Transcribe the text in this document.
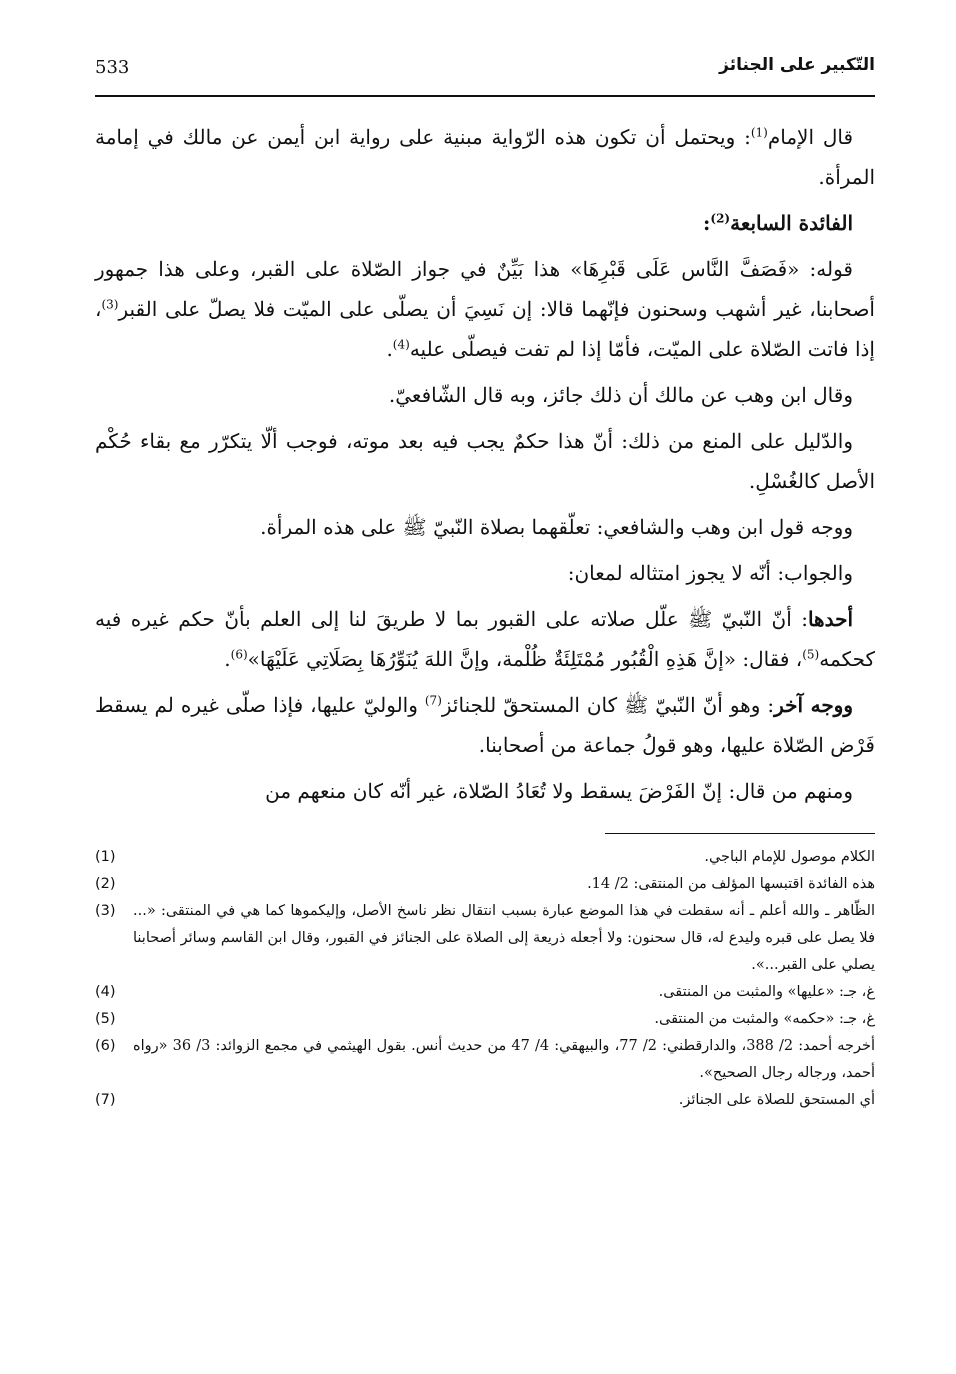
التّكبير على الجنائز
533

قال الإمام$^{(1)}$: ويحتمل أن تكون هذه الرّواية مبنية على رواية ابن أيمن عن مالك في إمامة المرأة.

الفائدة السابعة$^{(2)}$:

قوله: «فَصَفَّ النَّاس عَلَى قَبْرِهَا» هذا بَيِّنٌ في جواز الصّلاة على القبر، وعلى هذا جمهور أصحابنا، غير أشهب وسحنون فإنّهما قالا: إن نَسِيَ أن يصلّى على الميّت فلا يصلّ على القبر$^{(3)}$، إذا فاتت الصّلاة على الميّت، فأمّا إذا لم تفت فيصلّى عليه$^{(4)}$.

وقال ابن وهب عن مالك أن ذلك جائز، وبه قال الشّافعيّ.

والدّليل على المنع من ذلك: أنّ هذا حكمٌ يجب فيه بعد موته، فوجب ألّا يتكرّر مع بقاء حُكْم الأصل كالغُسْلِ.

ووجه قول ابن وهب والشافعي: تعلّقهما بصلاة النّبيّ ﷺ على هذه المرأة.

والجواب: أنّه لا يجوز امتثاله لمعان:

أحدها: أنّ النّبيّ ﷺ علّل صلاته على القبور بما لا طريقَ لنا إلى العلم بأنّ حكم غيره فيه كحكمه$^{(5)}$، فقال: «إنَّ هَذِهِ الْقُبُور مُمْتَلِئَةٌ ظُلْمة، وإنَّ اللهَ يُنَوِّرُهَا بِصَلَاتِي عَلَيْهَا»$^{(6)}$.

ووجه آخر: وهو أنّ النّبيّ ﷺ كان المستحقّ للجنائز$^{(7)}$ والوليّ عليها، فإذا صلّى غيره لم يسقط فَرْض الصّلاة عليها، وهو قولُ جماعة من أصحابنا.

ومنهم من قال: إنّ الفَرْضَ يسقط ولا تُعَادُ الصّلاة، غير أنّه كان منعهم من

الكلام موصول للإمام الباجي.
(1)
هذه الفائدة اقتبسها المؤلف من المنتقى: 2/ 14.
(2)
الظّاهر ـ والله أعلم ـ أنه سقطت في هذا الموضع عبارة بسبب انتقال نظر ناسخ الأصل، وإليكموها كما هي في المنتقى: «... فلا يصل على قبره وليدع له، قال سحنون: ولا أجعله ذريعة إلى الصلاة على الجنائز في القبور، وقال ابن القاسم وسائر أصحابنا يصلي على القبر...».
(3)
غ، جـ: «عليها» والمثبت من المنتقى.
(4)
غ، جـ: «حكمه» والمثبت من المنتقى.
(5)
أخرجه أحمد: 2/ 388، والدارقطني: 2/ 77، والبيهقي: 4/ 47 من حديث أنس. بقول الهيثمي في مجمع الزوائد: 3/ 36 «رواه أحمد، ورجاله رجال الصحيح».
(6)
أي المستحق للصلاة على الجنائز.
(7)
